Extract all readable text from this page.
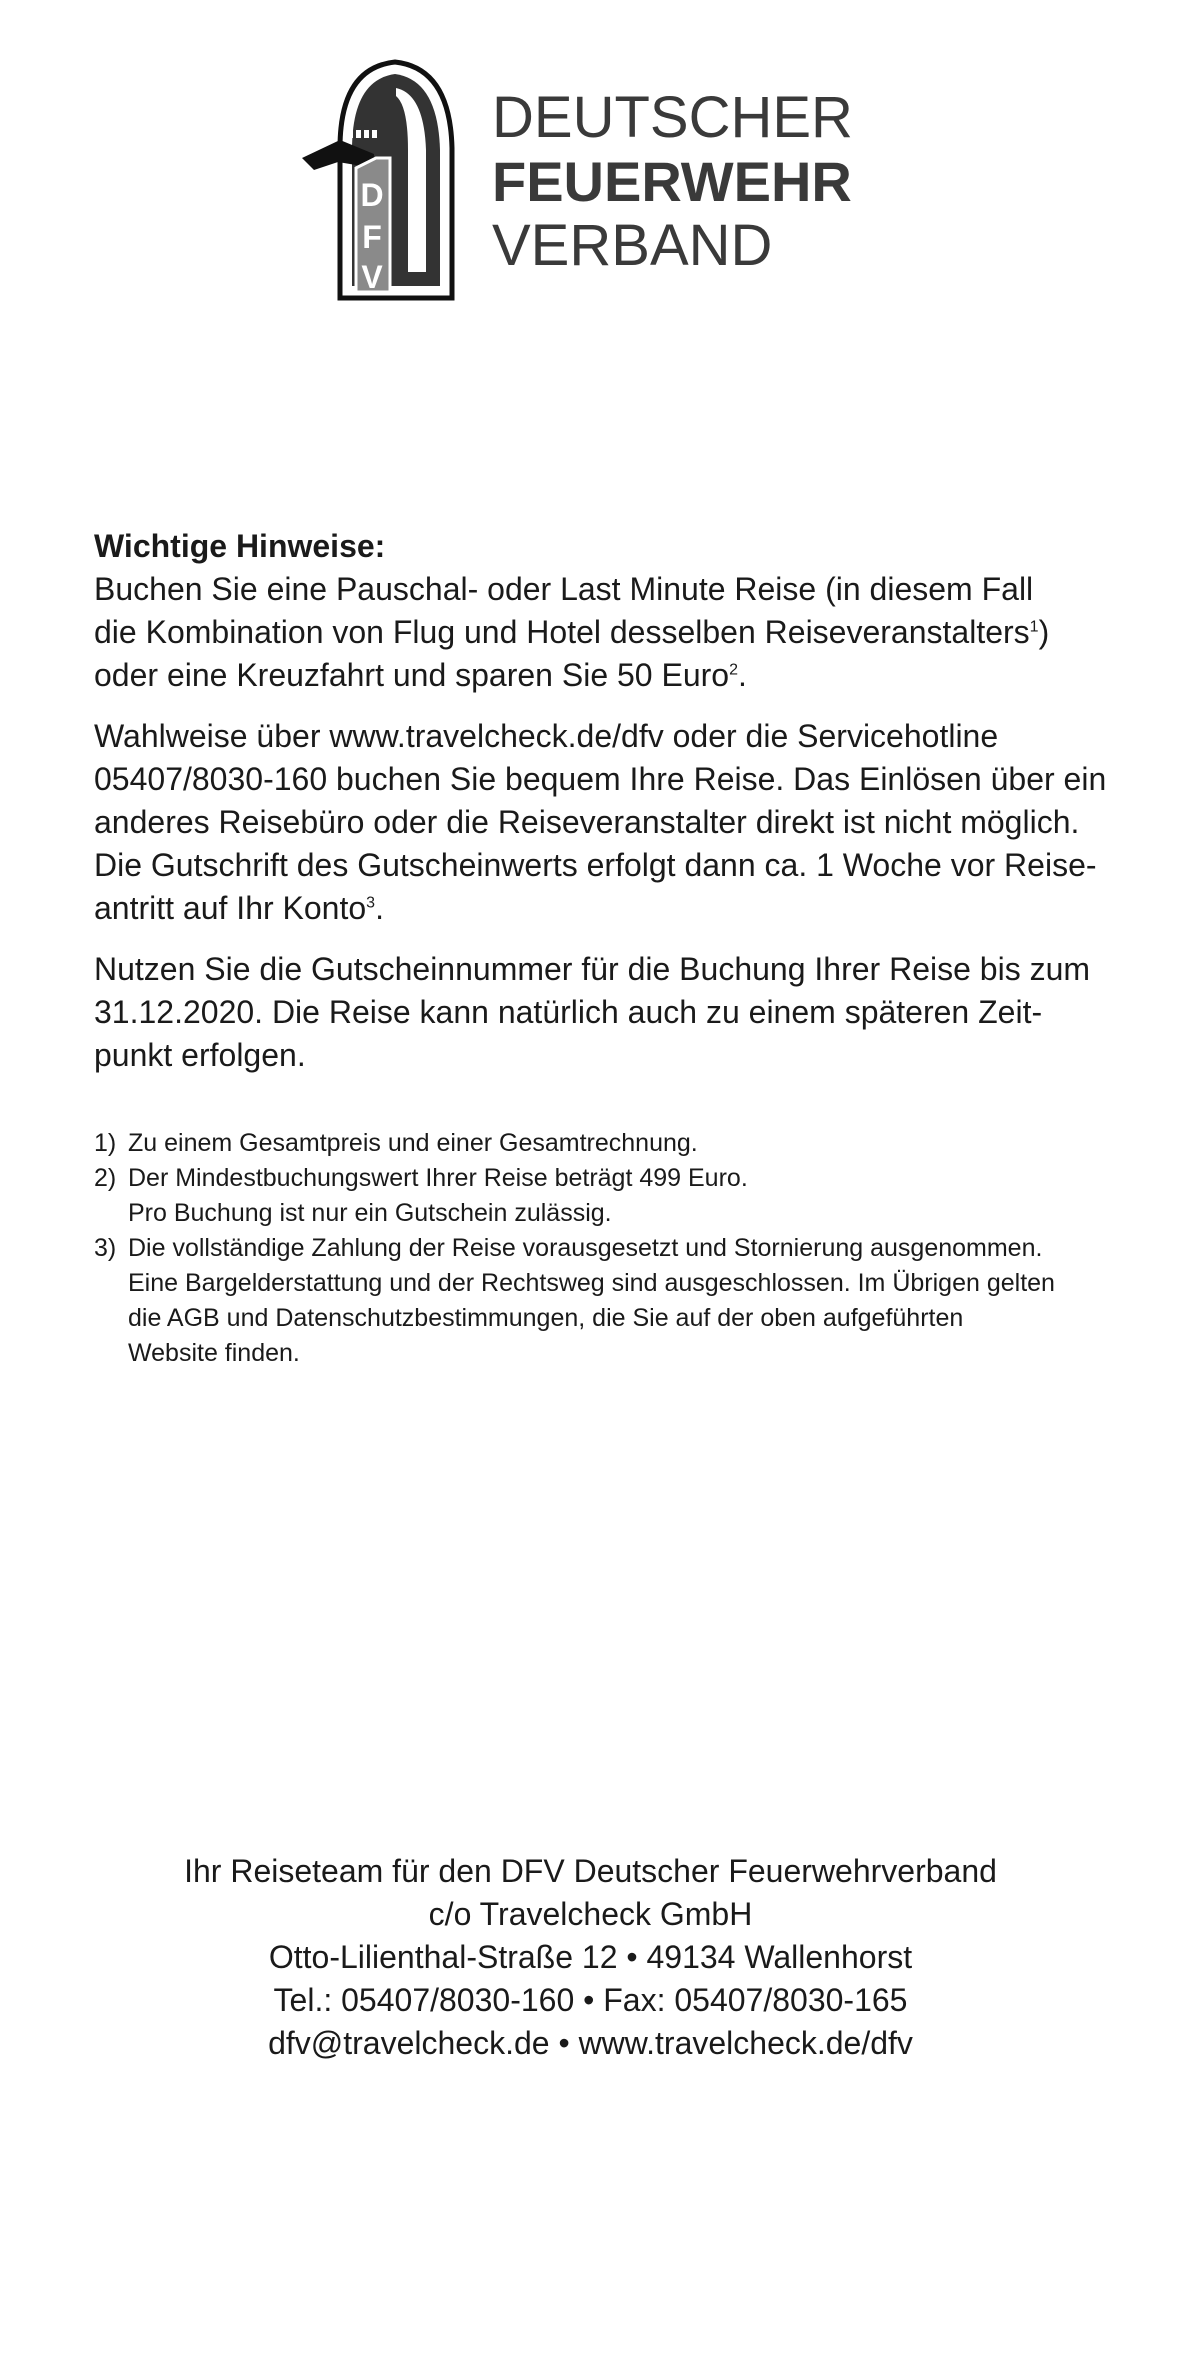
D
F
V
DEUTSCHER
FEUERWEHR
VERBAND
Wichtige Hinweise:

Buchen Sie eine Pauschal- oder Last Minute Reise (in diesem Fall
die Kombination von Flug und Hotel desselben Reiseveranstalters$^1$)
oder eine Kreuzfahrt und sparen Sie 50 Euro$^2$.

Wahlweise über www.travelcheck.de/dfv oder die Servicehotline
05407/8030-160 buchen Sie bequem Ihre Reise. Das Einlösen über ein
anderes Reisebüro oder die Reiseveranstalter direkt ist nicht möglich.
Die Gutschrift des Gutscheinwerts erfolgt dann ca. 1 Woche vor Reise-
antritt auf Ihr Konto$^3$.

Nutzen Sie die Gutscheinnummer für die Buchung Ihrer Reise bis zum
31.12.2020. Die Reise kann natürlich auch zu einem späteren Zeit-
punkt erfolgen.

1) Zu einem Gesamtpreis und einer Gesamtrechnung.
2) Der Mindestbuchungswert Ihrer Reise beträgt 499 Euro.
Pro Buchung ist nur ein Gutschein zulässig.
3) Die vollständige Zahlung der Reise vorausgesetzt und Stornierung ausgenommen.
Eine Bargelderstattung und der Rechtsweg sind ausgeschlossen. Im Übrigen gelten
die AGB und Datenschutzbestimmungen, die Sie auf der oben aufgeführten
Website finden.
Ihr Reiseteam für den DFV Deutscher Feuerwehrverband
c/o Travelcheck GmbH
Otto-Lilienthal-Straße 12 • 49134 Wallenhorst
Tel.: 05407/8030-160 • Fax: 05407/8030-165
dfv@travelcheck.de • www.travelcheck.de/dfv
